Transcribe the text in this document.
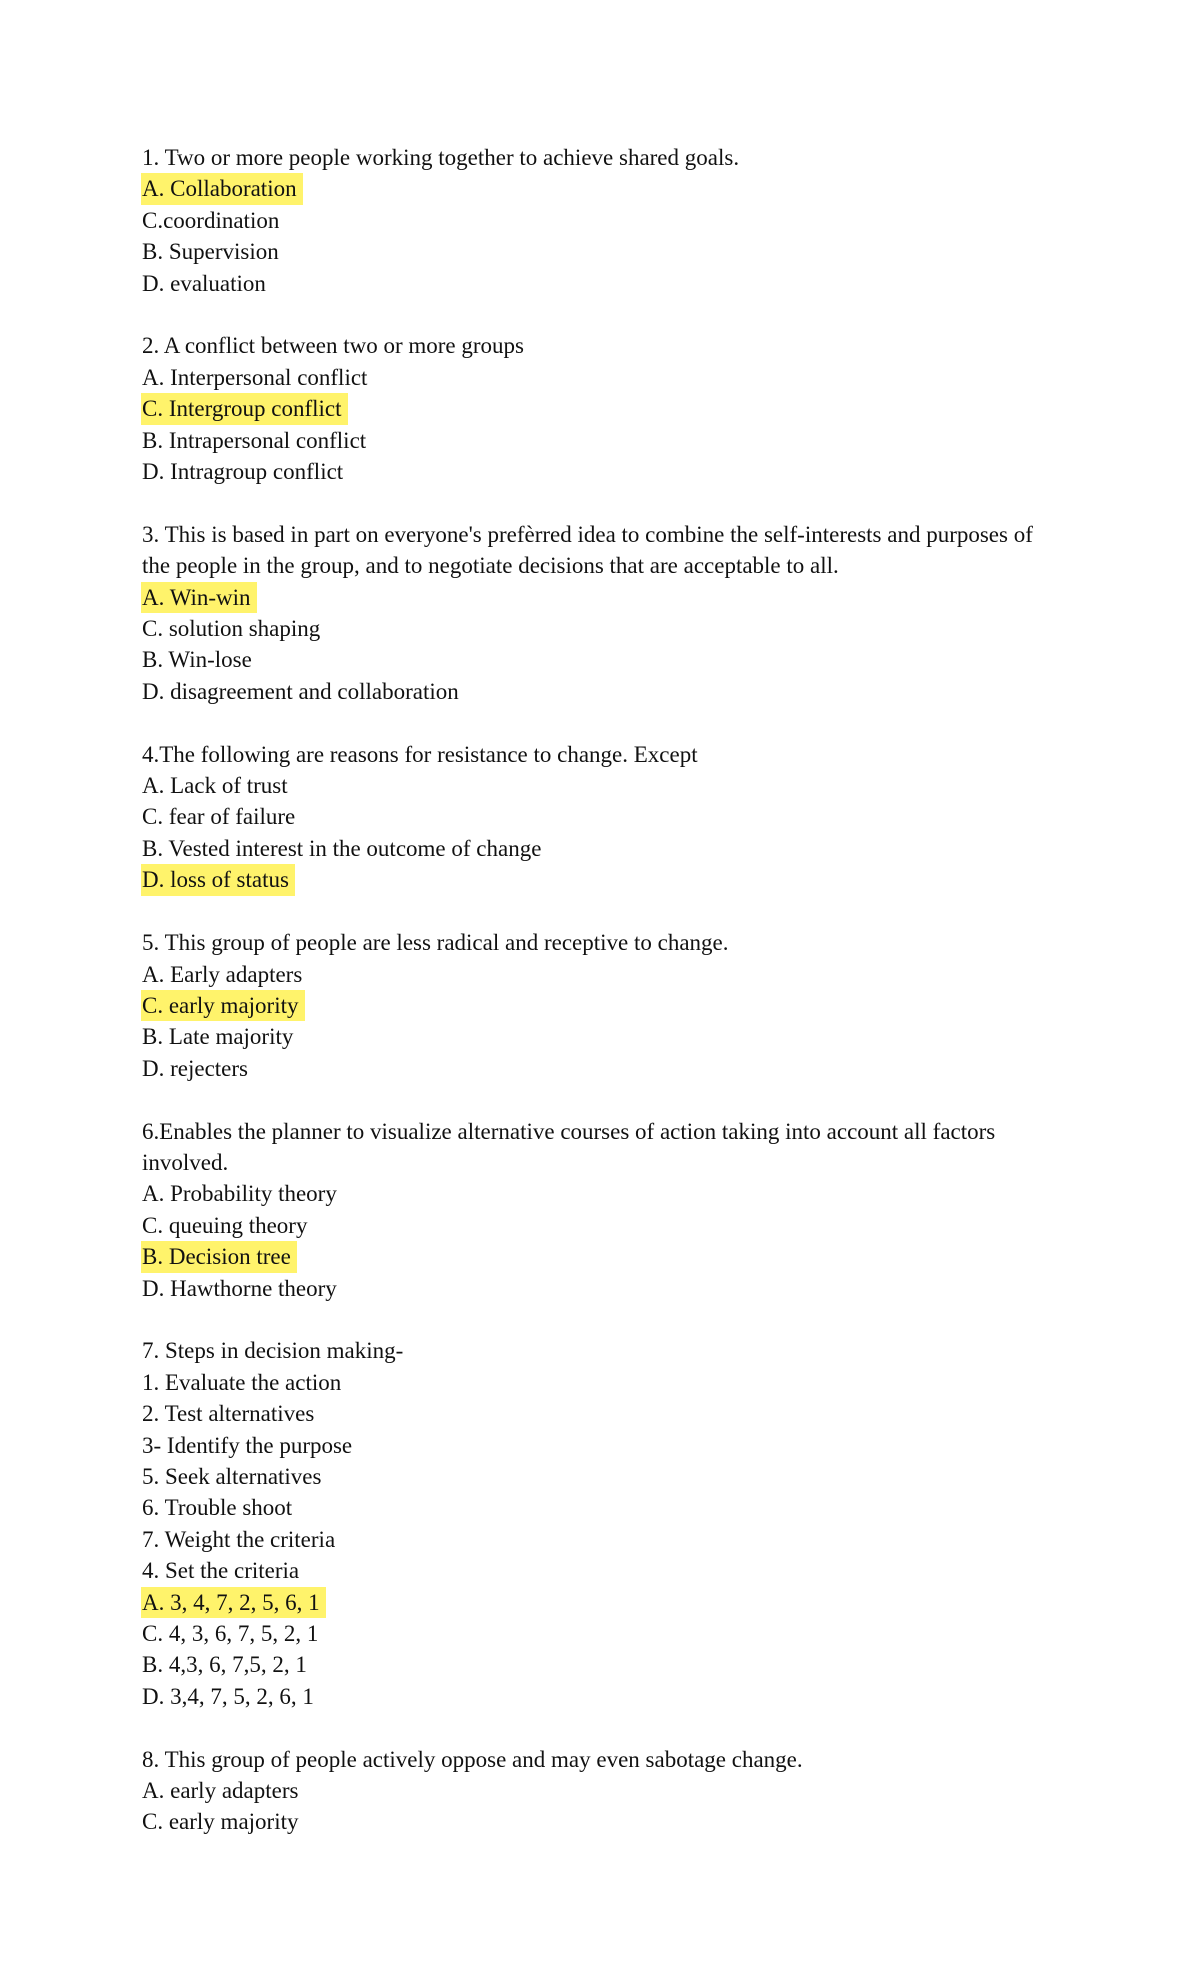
1. Two or more people working together to achieve shared goals.
A. Collaboration
C.coordination
B. Supervision
D. evaluation
2. A conflict between two or more groups
A. Interpersonal conflict
C. Intergroup conflict
B. Intrapersonal conflict
D. Intragroup conflict
3. This is based in part on everyone's prefèrred idea to combine the self-interests and purposes of
the people in the group, and to negotiate decisions that are acceptable to all.
A. Win-win
C. solution shaping
B. Win-lose
D. disagreement and collaboration
4.The following are reasons for resistance to change. Except
A. Lack of trust
C. fear of failure
B. Vested interest in the outcome of change
D. loss of status
5. This group of people are less radical and receptive to change.
A. Early adapters
C. early majority
B. Late majority
D. rejecters
6.Enables the planner to visualize alternative courses of action taking into account all factors
involved.
A. Probability theory
C. queuing theory
B. Decision tree
D. Hawthorne theory
7. Steps in decision making-
1. Evaluate the action
2. Test alternatives
3- Identify the purpose
5. Seek alternatives
6. Trouble shoot
7. Weight the criteria
4. Set the criteria
A. 3, 4, 7, 2, 5, 6, 1
C. 4, 3, 6, 7, 5, 2, 1
B. 4,3, 6, 7,5, 2, 1
D. 3,4, 7, 5, 2, 6, 1
8. This group of people actively oppose and may even sabotage change.
A. early adapters
C. early majority
